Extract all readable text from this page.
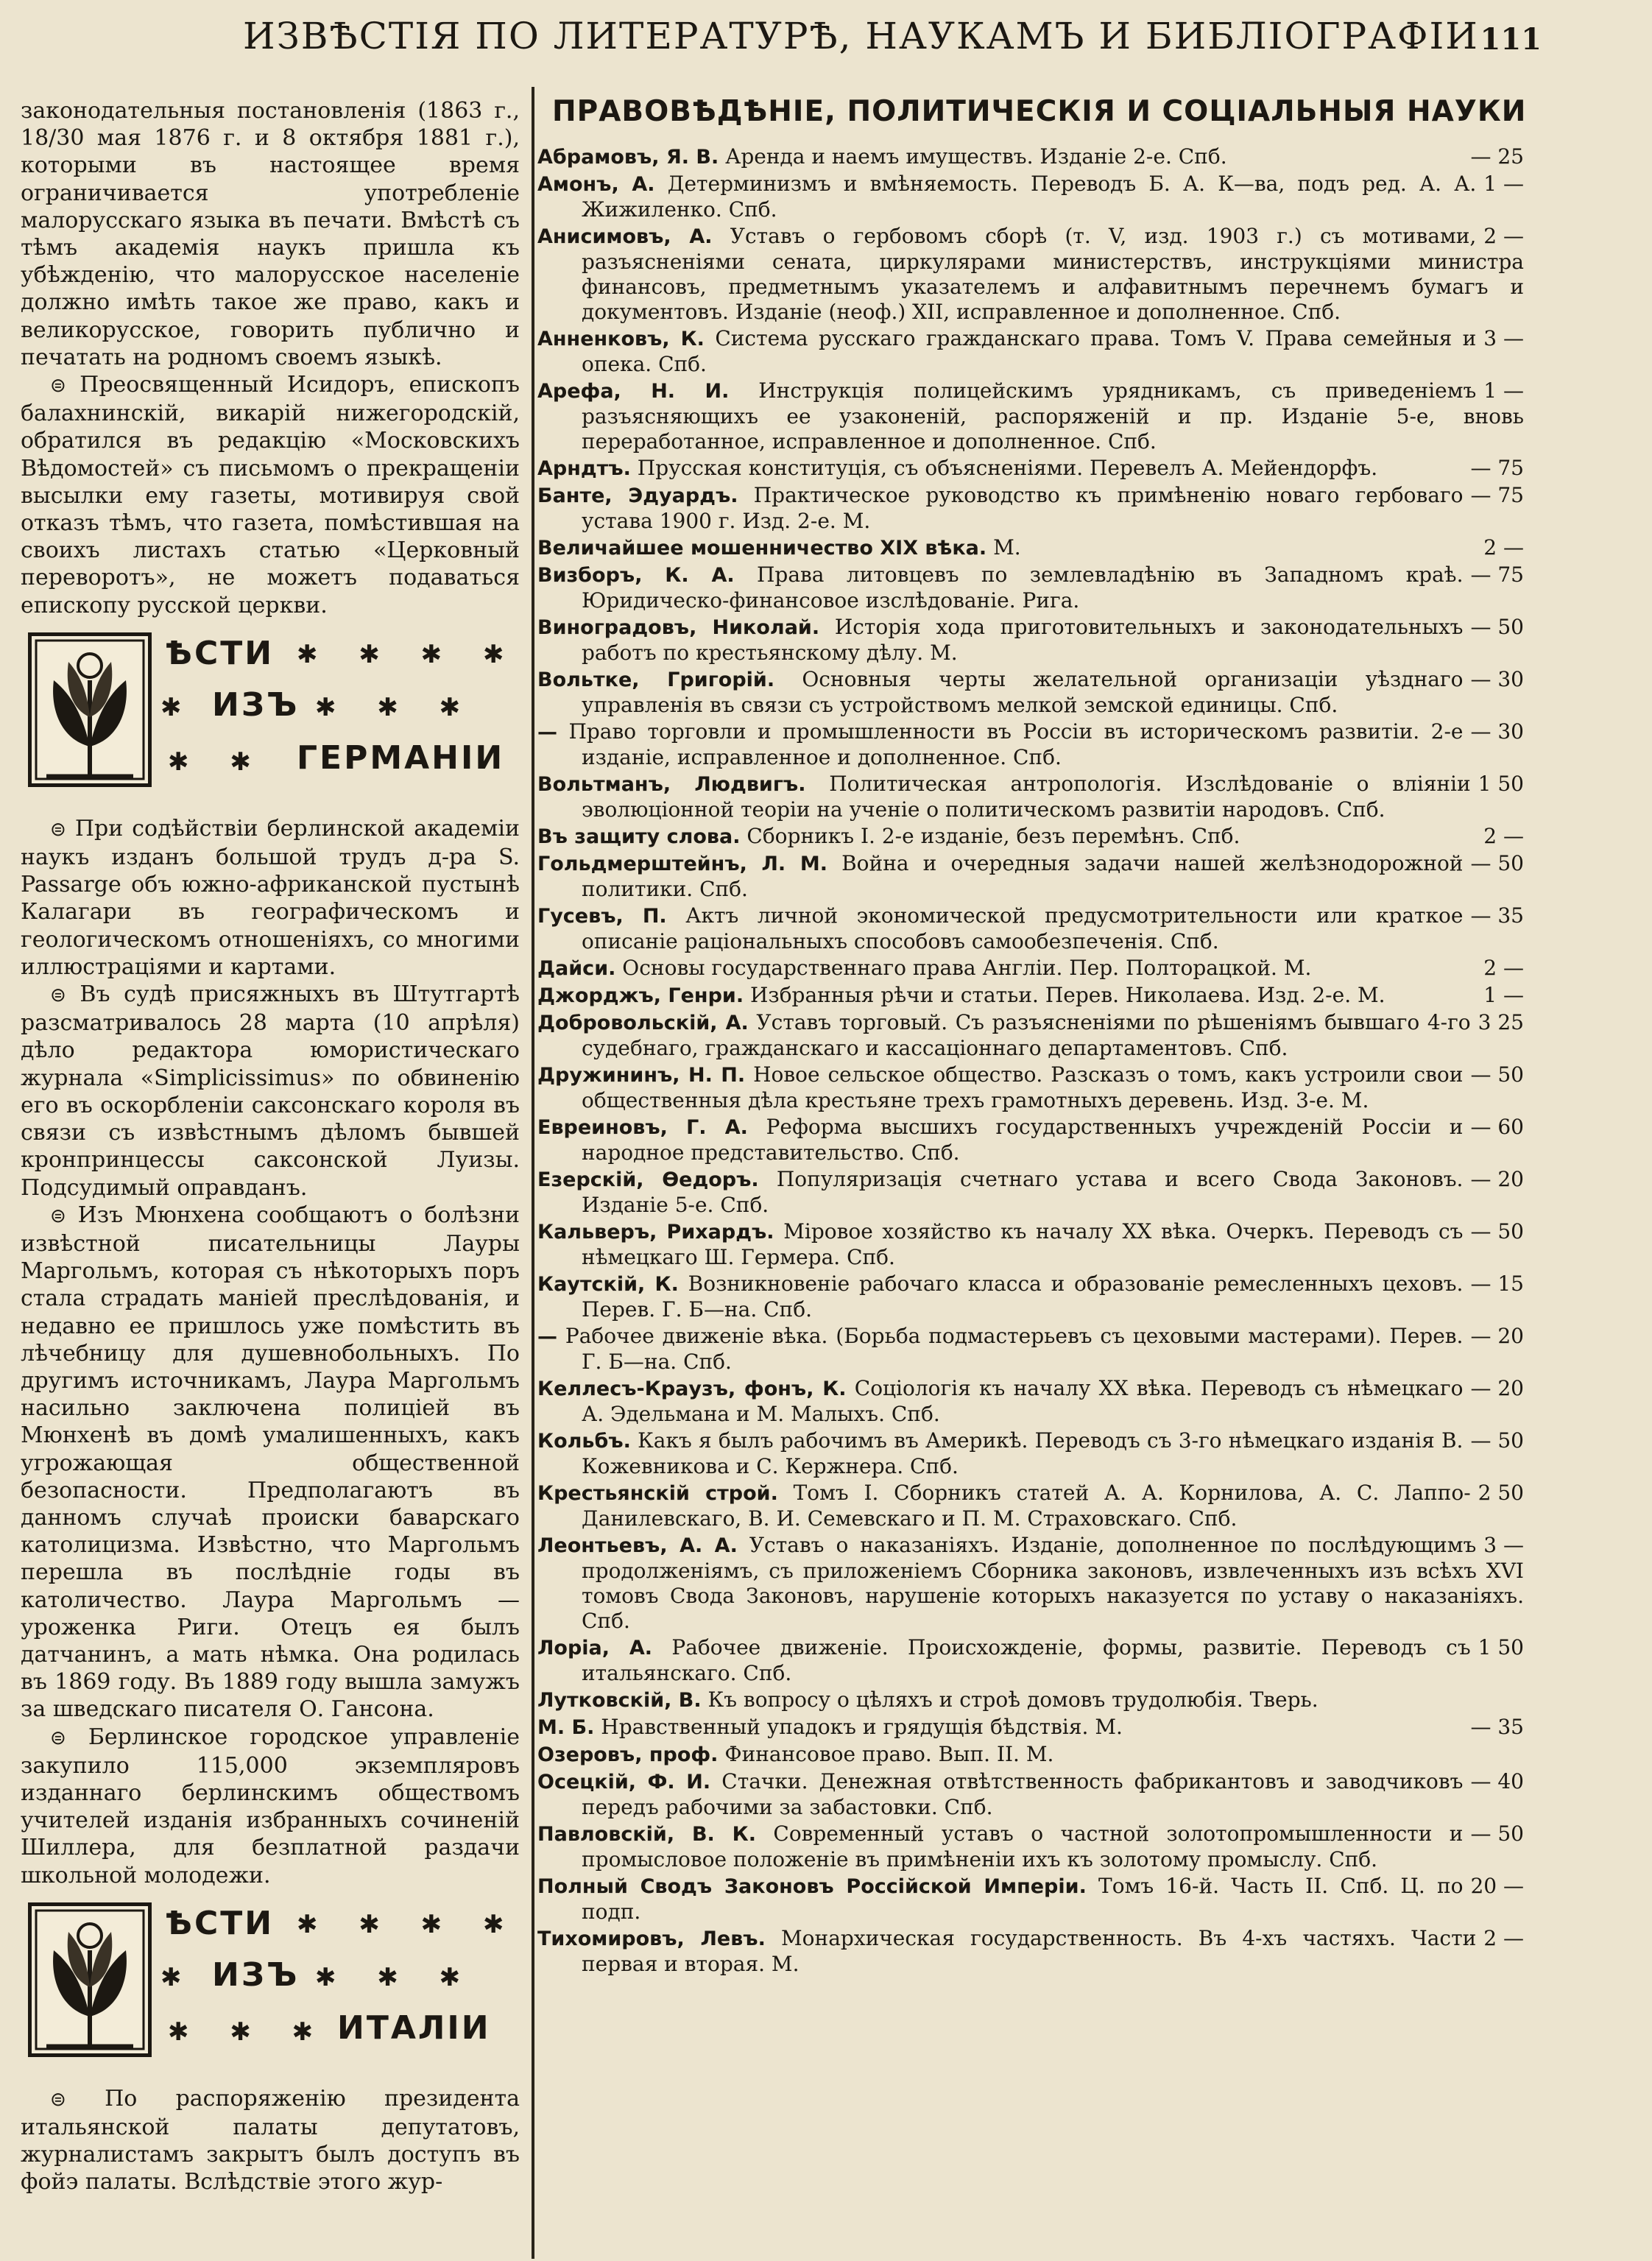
ИЗВѢСТІЯ ПО ЛИТЕРАТУРѢ, НАУКАМЪ И БИБЛІОГРАФІИ 111

законодательныя постановленія (1863 г., 18/30 мая 1876 г. и 8 октября 1881 г.), которыми въ настоящее время ограничивается употребленіе малорусскаго языка въ печати. Вмѣстѣ съ тѣмъ академія наукъ пришла къ убѣжденію, что малорусское населеніе должно имѣть такое же право, какъ и великорусское, говорить публично и печатать на родномъ своемъ языкѣ.

⊜ Преосвященный Исидоръ, епископъ балахнинскій, викарій нижегородскій, обратился въ редакцію «Московскихъ Вѣдомостей» съ письмомъ о прекращеніи высылки ему газеты, мотивируя свой отказъ тѣмъ, что газета, помѣстившая на своихъ листахъ статью «Церковный переворотъ», не можетъ подаваться епископу русской церкви.

ѢСТИ ✱ ✱ ✱ ✱
✱ ИЗЪ ✱ ✱ ✱
✱ ✱ ГЕРМАНІИ

⊜ При содѣйствіи берлинской академіи наукъ изданъ большой трудъ д-ра S. Passarge объ южно-африканской пустынѣ Калагари въ географическомъ и геологическомъ отношеніяхъ, со многими иллюстраціями и картами.

⊜ Въ судѣ присяжныхъ въ Штутгартѣ разсматривалось 28 марта (10 апрѣля) дѣло редактора юмористическаго журнала «Simplicissimus» по обвиненію его въ оскорбленіи саксонскаго короля въ связи съ извѣстнымъ дѣломъ бывшей кронпринцессы саксонской Луизы. Подсудимый оправданъ.

⊜ Изъ Мюнхена сообщаютъ о болѣзни извѣстной писательницы Лауры Маргольмъ, которая съ нѣкоторыхъ поръ стала страдать маніей преслѣдованія, и недавно ее пришлось уже помѣстить въ лѣчебницу для душевнобольныхъ. По другимъ источникамъ, Лаура Маргольмъ насильно заключена полиціей въ Мюнхенѣ въ домѣ умалишенныхъ, какъ угрожающая общественной безопасности. Предполагаютъ въ данномъ случаѣ происки баварскаго католицизма. Извѣстно, что Маргольмъ перешла въ послѣдніе годы въ католичество. Лаура Маргольмъ — уроженка Риги. Отецъ ея былъ датчанинъ, а мать нѣмка. Она родилась въ 1869 году. Въ 1889 году вышла замужъ за шведскаго писателя О. Гансона.

⊜ Берлинское городское управленіе закупило 115,000 экземпляровъ изданнаго берлинскимъ обществомъ учителей изданія избранныхъ сочиненій Шиллера, для безплатной раздачи школьной молодежи.

ѢСТИ ✱ ✱ ✱ ✱
✱ ИЗЪ ✱ ✱ ✱
✱ ✱ ✱ ИТАЛІИ

⊜ По распоряженію президента итальянской палаты депутатовъ, журналистамъ закрытъ былъ доступъ въ фойэ палаты. Вслѣдствіе этого жур-

ПРАВОВѢДѢНІЕ, ПОЛИТИЧЕСКІЯ И СОЦІАЛЬНЫЯ НАУКИ

— 25
Абрамовъ, Я. В. Аренда и наемъ имуществъ. Изданіе 2-е. Спб.

1 —
Амонъ, А. Детерминизмъ и вмѣняемость. Переводъ Б. А. К—ва, подъ ред. А. А. Жижиленко. Спб.

2 —
Анисимовъ, А. Уставъ о гербовомъ сборѣ (т. V, изд. 1903 г.) съ мотивами, разъясненіями сената, циркулярами министерствъ, инструкціями министра финансовъ, предметнымъ указателемъ и алфавитнымъ перечнемъ бумагъ и документовъ. Изданіе (неоф.) XII, исправленное и дополненное. Спб.

3 —
Анненковъ, К. Система русскаго гражданскаго права. Томъ V. Права семейныя и опека. Спб.

1 —
Арефа, Н. И. Инструкція полицейскимъ урядникамъ, съ приведеніемъ разъясняющихъ ее узаконеній, распоряженій и пр. Изданіе 5-е, вновь переработанное, исправленное и дополненное. Спб.

— 75
Арндтъ. Прусская конституція, съ объясненіями. Перевелъ А. Мейендорфъ.

— 75
Банте, Эдуардъ. Практическое руководство къ примѣненію новаго гербоваго устава 1900 г. Изд. 2-е. М.

2 —
Величайшее мошенничество XIX вѣка. М.

— 75
Визборъ, К. А. Права литовцевъ по землевладѣнію въ Западномъ краѣ. Юридическо-финансовое изслѣдованіе. Рига.

— 50
Виноградовъ, Николай. Исторія хода приготовительныхъ и законодательныхъ работъ по крестьянскому дѣлу. М.

— 30
Вольтке, Григорій. Основныя черты желательной организаціи уѣзднаго управленія въ связи съ устройствомъ мелкой земской единицы. Спб.

— 30
— Право торговли и промышленности въ Россіи въ историческомъ развитіи. 2-е изданіе, исправленное и дополненное. Спб.

1 50
Вольтманъ, Людвигъ. Политическая антропологія. Изслѣдованіе о вліяніи эволюціонной теоріи на ученіе о политическомъ развитіи народовъ. Спб.

2 —
Въ защиту слова. Сборникъ I. 2-е изданіе, безъ перемѣнъ. Спб.

— 50
Гольдмерштейнъ, Л. М. Война и очередныя задачи нашей желѣзнодорожной политики. Спб.

— 35
Гусевъ, П. Актъ личной экономической предусмотрительности или краткое описаніе раціональныхъ способовъ самообезпеченія. Спб.

2 —
Дайси. Основы государственнаго права Англіи. Пер. Полторацкой. М.

1 —
Джорджъ, Генри. Избранныя рѣчи и статьи. Перев. Николаева. Изд. 2-е. М.

3 25
Добровольскій, А. Уставъ торговый. Съ разъясненіями по рѣшеніямъ бывшаго 4-го судебнаго, гражданскаго и кассаціоннаго департаментовъ. Спб.

— 50
Дружининъ, Н. П. Новое сельское общество. Разсказъ о томъ, какъ устроили свои общественныя дѣла крестьяне трехъ грамотныхъ деревень. Изд. 3-е. М.

— 60
Евреиновъ, Г. А. Реформа высшихъ государственныхъ учрежденій Россіи и народное представительство. Спб.

— 20
Езерскій, Ѳедоръ. Популяризація счетнаго устава и всего Свода Законовъ. Изданіе 5-е. Спб.

— 50
Кальверъ, Рихардъ. Міровое хозяйство къ началу XX вѣка. Очеркъ. Переводъ съ нѣмецкаго Ш. Гермера. Спб.

— 15
Каутскій, К. Возникновеніе рабочаго класса и образованіе ремесленныхъ цеховъ. Перев. Г. Б—на. Спб.

— 20
— Рабочее движеніе вѣка. (Борьба подмастерьевъ съ цеховыми мастерами). Перев. Г. Б—на. Спб.

— 20
Келлесъ-Краузъ, фонъ, К. Соціологія къ началу XX вѣка. Переводъ съ нѣмецкаго А. Эдельмана и М. Малыхъ. Спб.

— 50
Кольбъ. Какъ я былъ рабочимъ въ Америкѣ. Переводъ съ 3-го нѣмецкаго изданія В. Кожевникова и С. Кержнера. Спб.

2 50
Крестьянскій строй. Томъ I. Сборникъ статей А. А. Корнилова, А. С. Лаппо-Данилевскаго, В. И. Семевскаго и П. М. Страховскаго. Спб.

3 —
Леонтьевъ, А. А. Уставъ о наказаніяхъ. Изданіе, дополненное по послѣдующимъ продолженіямъ, съ приложеніемъ Сборника законовъ, извлеченныхъ изъ всѣхъ XVI томовъ Свода Законовъ, нарушеніе которыхъ наказуется по уставу о наказаніяхъ. Спб.

1 50
Лоріа, А. Рабочее движеніе. Происхожденіе, формы, развитіе. Переводъ съ итальянскаго. Спб.

Лутковскій, В. Къ вопросу о цѣляхъ и строѣ домовъ трудолюбія. Тверь.

— 35
М. Б. Нравственный упадокъ и грядущія бѣдствія. М.

Озеровъ, проф. Финансовое право. Вып. II. М.

— 40
Осецкій, Ф. И. Стачки. Денежная отвѣтственность фабрикантовъ и заводчиковъ передъ рабочими за забастовки. Спб.

— 50
Павловскій, В. К. Современный уставъ о частной золотопромышленности и промысловое положеніе въ примѣненіи ихъ къ золотому промыслу. Спб.

20 —
Полный Сводъ Законовъ Россійской Имперіи. Томъ 16-й. Часть II. Спб. Ц. по подп.

2 —
Тихомировъ, Левъ. Монархическая государственность. Въ 4-хъ частяхъ. Части первая и вторая. М.
